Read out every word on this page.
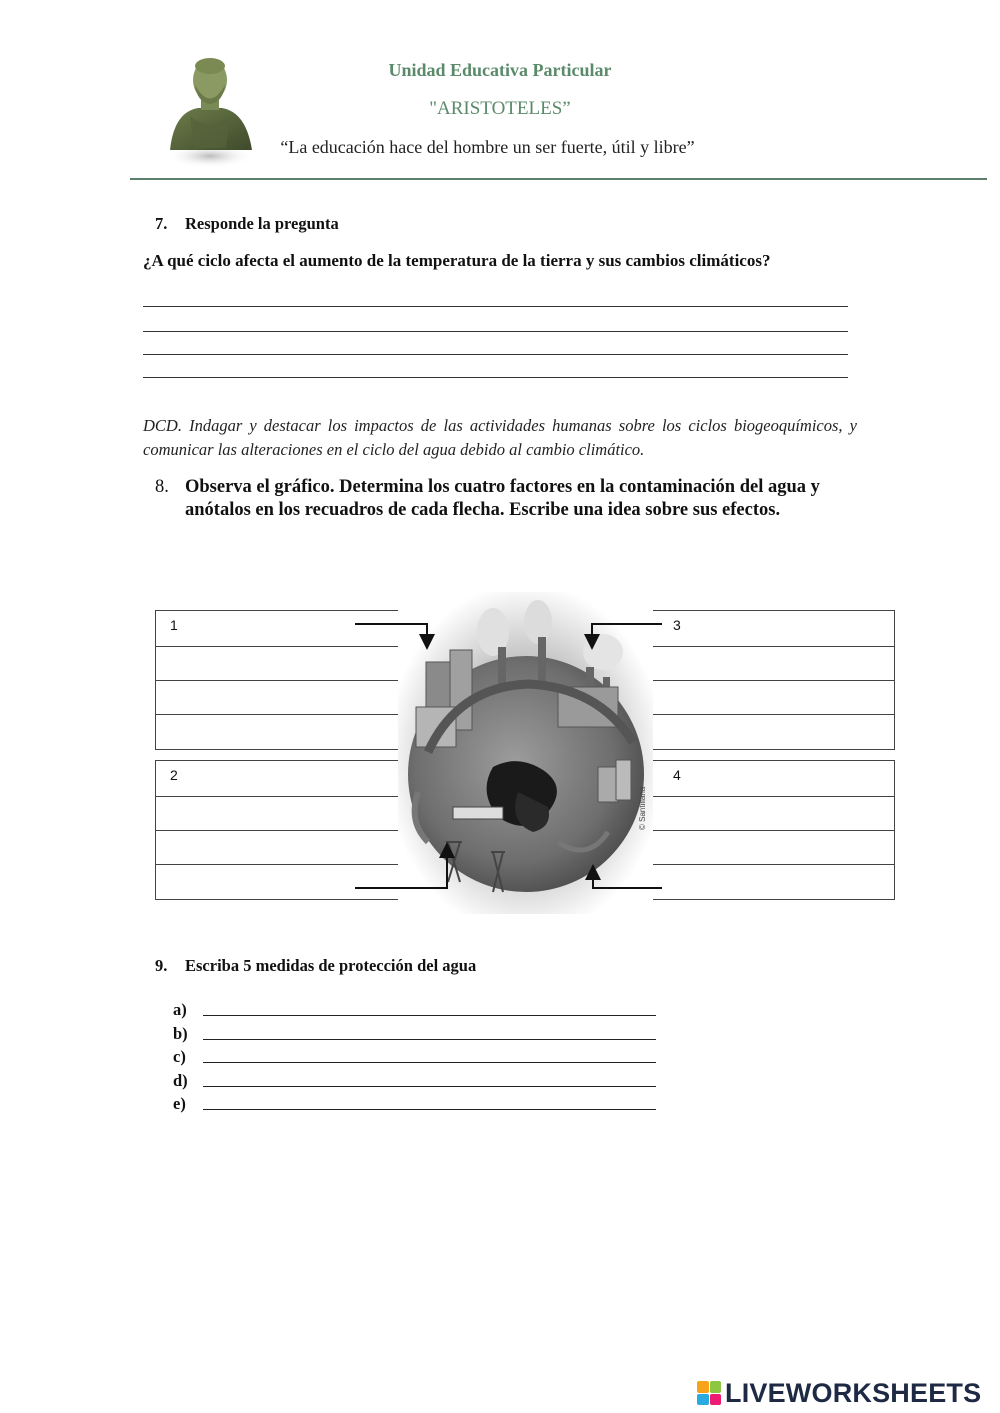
Unidad Educativa Particular
"ARISTOTELES”
“La educación hace del hombre un ser fuerte, útil y libre”
7. Responde la pregunta
¿A qué ciclo afecta el aumento de la temperatura de la tierra y sus cambios climáticos?
DCD. Indagar y destacar los impactos de las actividades humanas sobre los ciclos biogeoquímicos, y comunicar las alteraciones en el ciclo del agua debido al cambio climático.
8. Observa el gráfico. Determina los cuatro factores en la contaminación del agua y anótalos en los recuadros de cada flecha. Escribe una idea sobre sus efectos.
1
2
3
4
© Santillana
9. Escriba 5 medidas de protección del agua
a)
b)
c)
d)
e)
LIVEWORKSHEETS
